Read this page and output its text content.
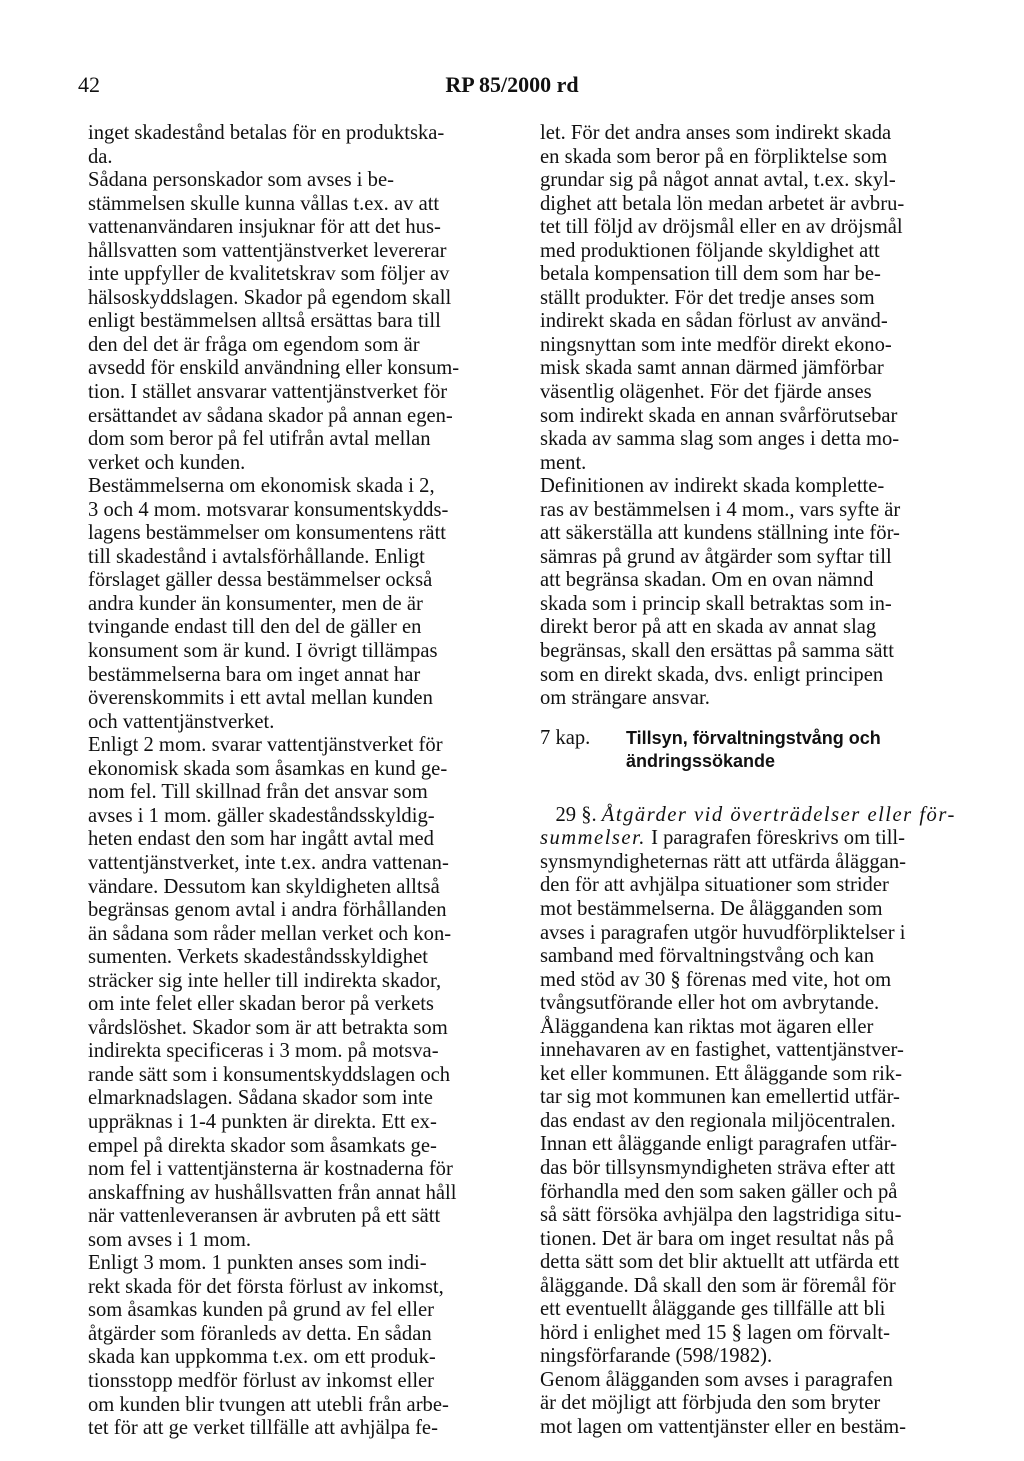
42	RP 85/2000 rd
inget skadestånd betalas för en produktska-
da.
Sådana personskador som avses i be-
stämmelsen skulle kunna vållas t.ex. av att
vattenanvändaren insjuknar för att det hus-
hållsvatten som vattentjänstverket levererar
inte uppfyller de kvalitetskrav som följer av
hälsoskyddslagen. Skador på egendom skall
enligt bestämmelsen alltså ersättas bara till
den del det är fråga om egendom som är
avsedd för enskild användning eller konsum-
tion. I stället ansvarar vattentjänstverket för
ersättandet av sådana skador på annan egen-
dom som beror på fel utifrån avtal mellan
verket och kunden.
Bestämmelserna om ekonomisk skada i 2,
3 och 4 mom. motsvarar konsumentskydds-
lagens bestämmelser om konsumentens rätt
till skadestånd i avtalsförhållande. Enligt
förslaget gäller dessa bestämmelser också
andra kunder än konsumenter, men de är
tvingande endast till den del de gäller en
konsument som är kund. I övrigt tillämpas
bestämmelserna bara om inget annat har
överenskommits i ett avtal mellan kunden
och vattentjänstverket.
Enligt 2 mom. svarar vattentjänstverket för
ekonomisk skada som åsamkas en kund ge-
nom fel. Till skillnad från det ansvar som
avses i 1 mom. gäller skadeståndsskyldig-
heten endast den som har ingått avtal med
vattentjänstverket, inte t.ex. andra vattenan-
vändare. Dessutom kan skyldigheten alltså
begränsas genom avtal i andra förhållanden
än sådana som råder mellan verket och kon-
sumenten. Verkets skadeståndsskyldighet
sträcker sig inte heller till indirekta skador,
om inte felet eller skadan beror på verkets
vårdslöshet. Skador som är att betrakta som
indirekta specificeras i 3 mom. på motsva-
rande sätt som i konsumentskyddslagen och
elmarknadslagen. Sådana skador som inte
uppräknas i 1-4 punkten är direkta. Ett ex-
empel på direkta skador som åsamkats ge-
nom fel i vattentjänsterna är kostnaderna för
anskaffning av hushållsvatten från annat håll
när vattenleveransen är avbruten på ett sätt
som avses i 1 mom.
Enligt 3 mom. 1 punkten anses som indi-
rekt skada för det första förlust av inkomst,
som åsamkas kunden på grund av fel eller
åtgärder som föranleds av detta. En sådan
skada kan uppkomma t.ex. om ett produk-
tionsstopp medför förlust av inkomst eller
om kunden blir tvungen att utebli från arbe-
tet för att ge verket tillfälle att avhjälpa fe-
let. För det andra anses som indirekt skada
en skada som beror på en förpliktelse som
grundar sig på något annat avtal, t.ex. skyl-
dighet att betala lön medan arbetet är avbru-
tet till följd av dröjsmål eller en av dröjsmål
med produktionen följande skyldighet att
betala kompensation till dem som har be-
ställt produkter. För det tredje anses som
indirekt skada en sådan förlust av använd-
ningsnyttan som inte medför direkt ekono-
misk skada samt annan därmed jämförbar
väsentlig olägenhet. För det fjärde anses
som indirekt skada en annan svårförutsebar
skada av samma slag som anges i detta mo-
ment.
Definitionen av indirekt skada komplette-
ras av bestämmelsen i 4 mom., vars syfte är
att säkerställa att kundens ställning inte för-
sämras på grund av åtgärder som syftar till
att begränsa skadan. Om en ovan nämnd
skada som i princip skall betraktas som in-
direkt beror på att en skada av annat slag
begränsas, skall den ersättas på samma sätt
som en direkt skada, dvs. enligt principen
om strängare ansvar.
7 kap.	Tillsyn, förvaltningstvång och
ändringssökande
29 §. Åtgärder vid överträdelser eller för-
summelser. I paragrafen föreskrivs om till-
synsmyndigheternas rätt att utfärda åläggan-
den för att avhjälpa situationer som strider
mot bestämmelserna. De ålägganden som
avses i paragrafen utgör huvudförpliktelser i
samband med förvaltningstvång och kan
med stöd av 30 § förenas med vite, hot om
tvångsutförande eller hot om avbrytande.
Åläggandena kan riktas mot ägaren eller
innehavaren av en fastighet, vattentjänstver-
ket eller kommunen. Ett åläggande som rik-
tar sig mot kommunen kan emellertid utfär-
das endast av den regionala miljöcentralen.
Innan ett åläggande enligt paragrafen utfär-
das bör tillsynsmyndigheten sträva efter att
förhandla med den som saken gäller och på
så sätt försöka avhjälpa den lagstridiga situ-
tionen. Det är bara om inget resultat nås på
detta sätt som det blir aktuellt att utfärda ett
åläggande. Då skall den som är föremål för
ett eventuellt åläggande ges tillfälle att bli
hörd i enlighet med 15 § lagen om förvalt-
ningsförfarande (598/1982).
Genom ålägganden som avses i paragrafen
är det möjligt att förbjuda den som bryter
mot lagen om vattentjänster eller en bestäm-
